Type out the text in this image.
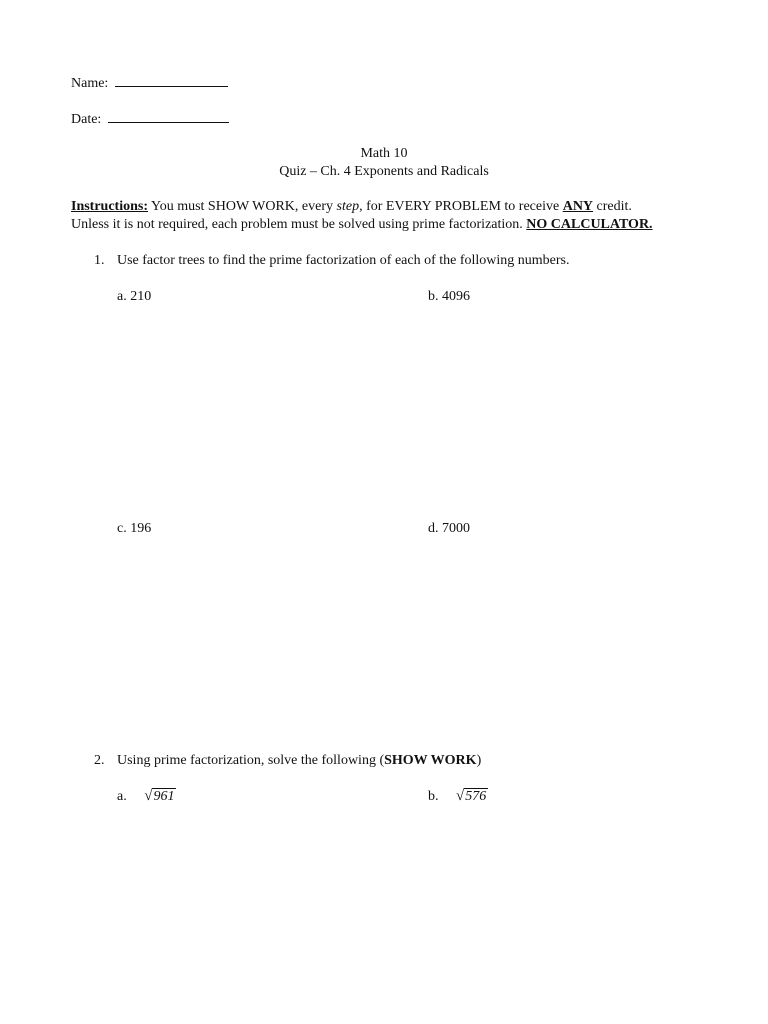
Name:
Date:
Math 10
Quiz – Ch. 4 Exponents and Radicals
Instructions: You must SHOW WORK, every step, for EVERY PROBLEM to receive ANY credit.
Unless it is not required, each problem must be solved using prime factorization. NO CALCULATOR.
1. Use factor trees to find the prime factorization of each of the following numbers.
a. 210	b. 4096
c. 196	d. 7000
2. Using prime factorization, solve the following (SHOW WORK)
a. √ 961	b. √ 576
